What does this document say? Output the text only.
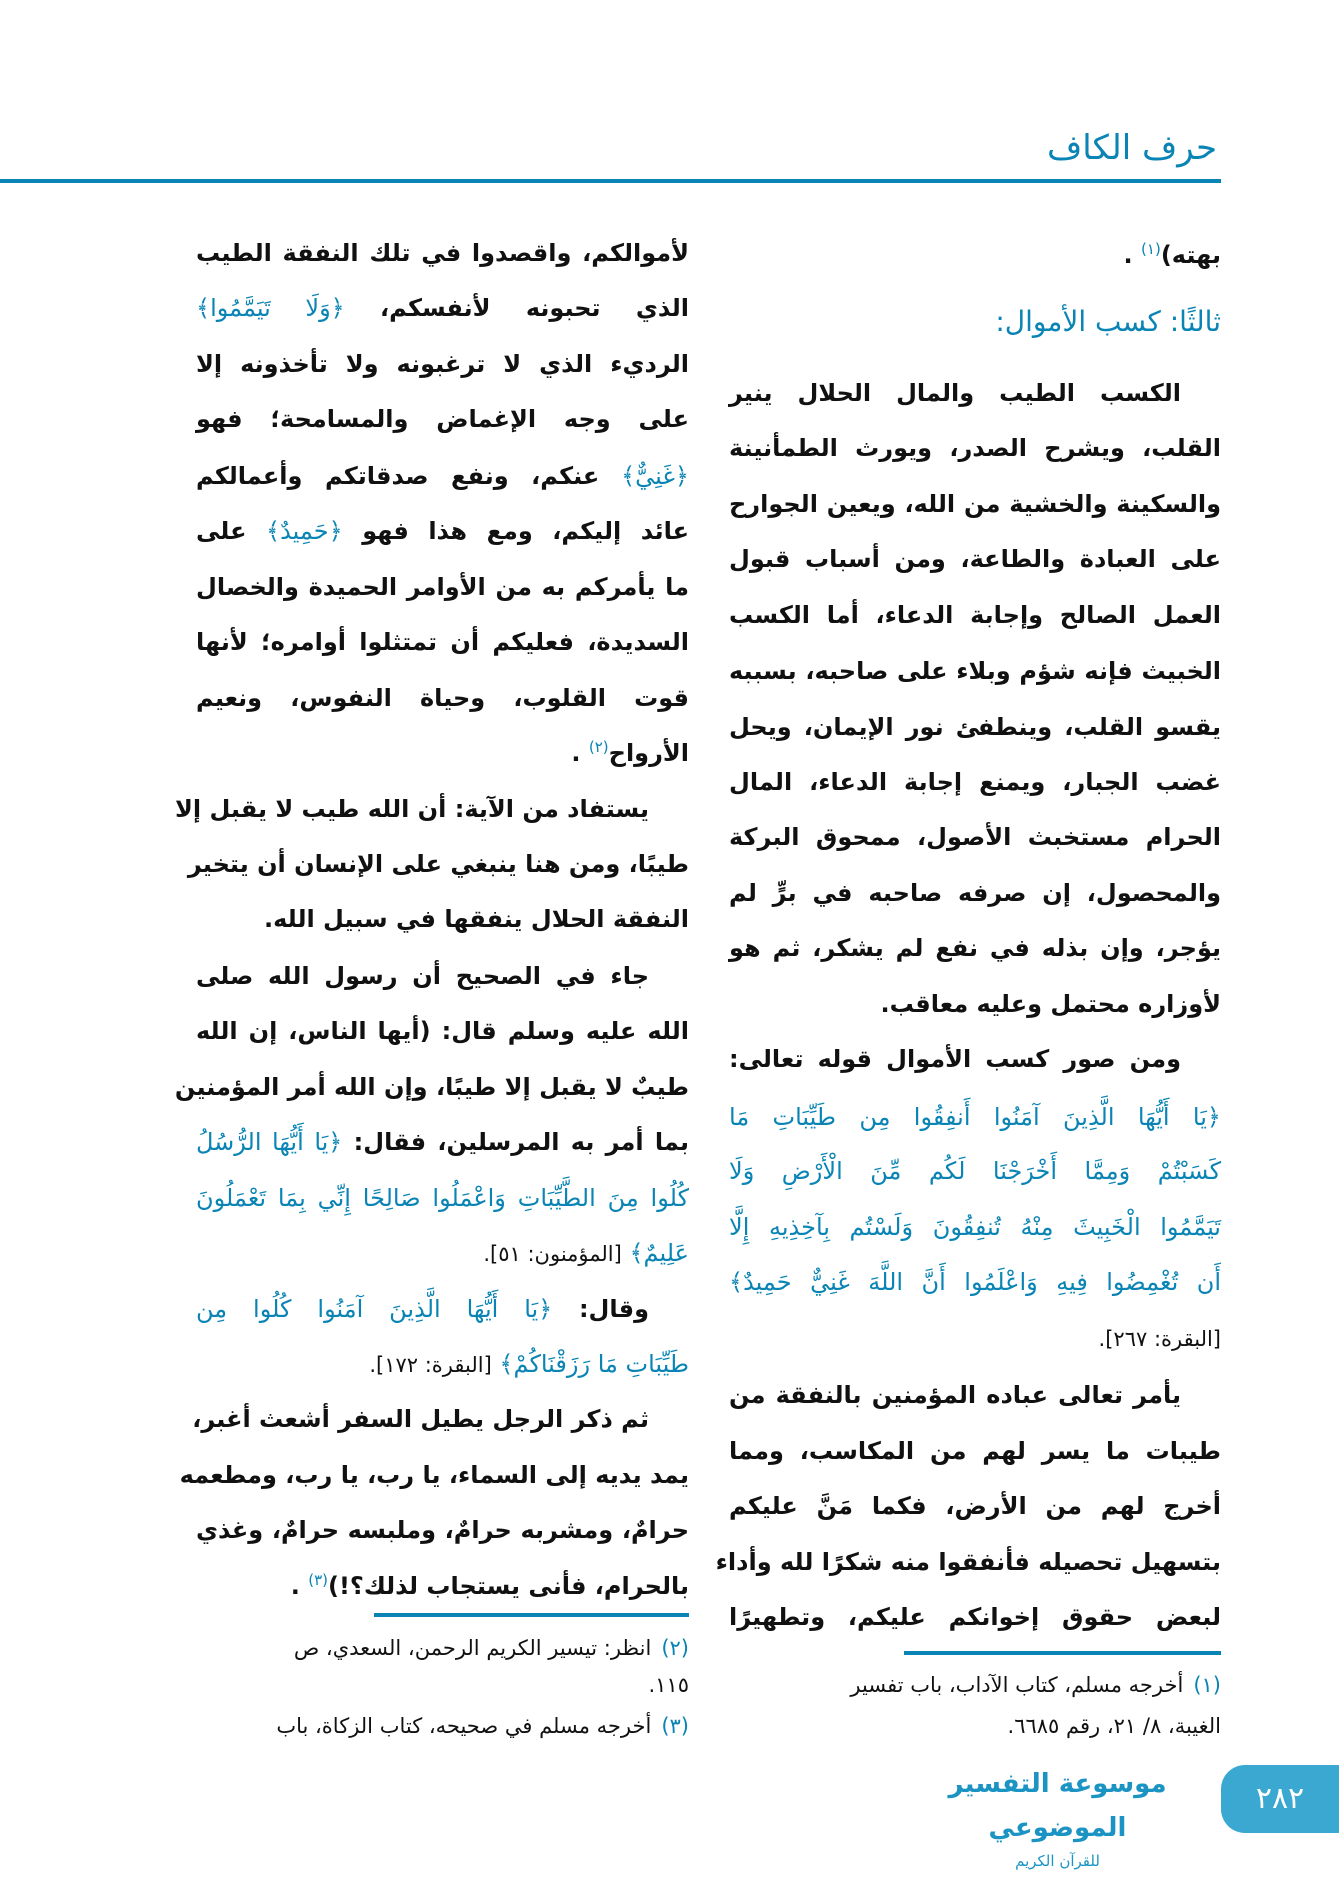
حرف الكاف
بهته)$^{(١)}$ .
ثالثًا: كسب الأموال:
الكسب الطيب والمال الحلال ينير
القلب، ويشرح الصدر، ويورث الطمأنينة
والسكينة والخشية من الله، ويعين الجوارح
على العبادة والطاعة، ومن أسباب قبول
العمل الصالح وإجابة الدعاء، أما الكسب
الخبيث فإنه شؤم وبلاء على صاحبه، بسببه
يقسو القلب، وينطفئ نور الإيمان، ويحل
غضب الجبار، ويمنع إجابة الدعاء، المال
الحرام مستخبث الأصول، ممحوق البركة
والمحصول، إن صرفه صاحبه في برٍّ لم
يؤجر، وإن بذله في نفع لم يشكر، ثم هو
لأوزاره محتمل وعليه معاقب.
ومن صور كسب الأموال قوله تعالى:
﴿يَا أَيُّهَا الَّذِينَ آمَنُوا أَنفِقُوا مِن طَيِّبَاتِ مَا
كَسَبْتُمْ وَمِمَّا أَخْرَجْنَا لَكُم مِّنَ الْأَرْضِ وَلَا
تَيَمَّمُوا الْخَبِيثَ مِنْهُ تُنفِقُونَ وَلَسْتُم بِآخِذِيهِ إِلَّا
أَن تُغْمِضُوا فِيهِ وَاعْلَمُوا أَنَّ اللَّهَ غَنِيٌّ حَمِيدٌ﴾
[البقرة: ٢٦٧].
يأمر تعالى عباده المؤمنين بالنفقة من
طيبات ما يسر لهم من المكاسب، ومما
أخرج لهم من الأرض، فكما مَنَّ عليكم
بتسهيل تحصيله فأنفقوا منه شكرًا لله وأداء
لبعض حقوق إخوانكم عليكم، وتطهيرًا
لأموالكم، واقصدوا في تلك النفقة الطيب
الذي تحبونه لأنفسكم، ﴿وَلَا تَيَمَّمُوا﴾
الرديء الذي لا ترغبونه ولا تأخذونه إلا
على وجه الإغماض والمسامحة؛ فهو
﴿غَنِيٌّ﴾ عنكم، ونفع صدقاتكم وأعمالكم
عائد إليكم، ومع هذا فهو ﴿حَمِيدٌ﴾ على
ما يأمركم به من الأوامر الحميدة والخصال
السديدة، فعليكم أن تمتثلوا أوامره؛ لأنها
قوت القلوب، وحياة النفوس، ونعيم
الأرواح$^{(٢)}$ .
يستفاد من الآية: أن الله طيب لا يقبل إلا
طيبًا، ومن هنا ينبغي على الإنسان أن يتخير
النفقة الحلال ينفقها في سبيل الله.
جاء في الصحيح أن رسول الله صلى
الله عليه وسلم قال: (أيها الناس، إن الله
طيبٌ لا يقبل إلا طيبًا، وإن الله أمر المؤمنين
بما أمر به المرسلين، فقال: ﴿يَا أَيُّهَا الرُّسُلُ
كُلُوا مِنَ الطَّيِّبَاتِ وَاعْمَلُوا صَالِحًا إِنِّي بِمَا تَعْمَلُونَ
عَلِيمٌ﴾ [المؤمنون: ٥١].
وقال: ﴿يَا أَيُّهَا الَّذِينَ آمَنُوا كُلُوا مِن
طَيِّبَاتِ مَا رَزَقْنَاكُمْ﴾ [البقرة: ١٧٢].
ثم ذكر الرجل يطيل السفر أشعث أغبر،
يمد يديه إلى السماء، يا رب، يا رب، ومطعمه
حرامٌ، ومشربه حرامٌ، وملبسه حرامٌ، وغذي
بالحرام، فأنى يستجاب لذلك؟!)$^{(٣)}$ .
(١)أخرجه مسلم، كتاب الآداب، باب تفسير
الغيبة، ٨/ ٢١، رقم ٦٦٨٥.
(٢)انظر: تيسير الكريم الرحمن، السعدي، ص
١١٥.
(٣)أخرجه مسلم في صحيحه، كتاب الزكاة، باب
موسوعة التفسير الموضوعي
للقرآن الكريم
٢٨٢
